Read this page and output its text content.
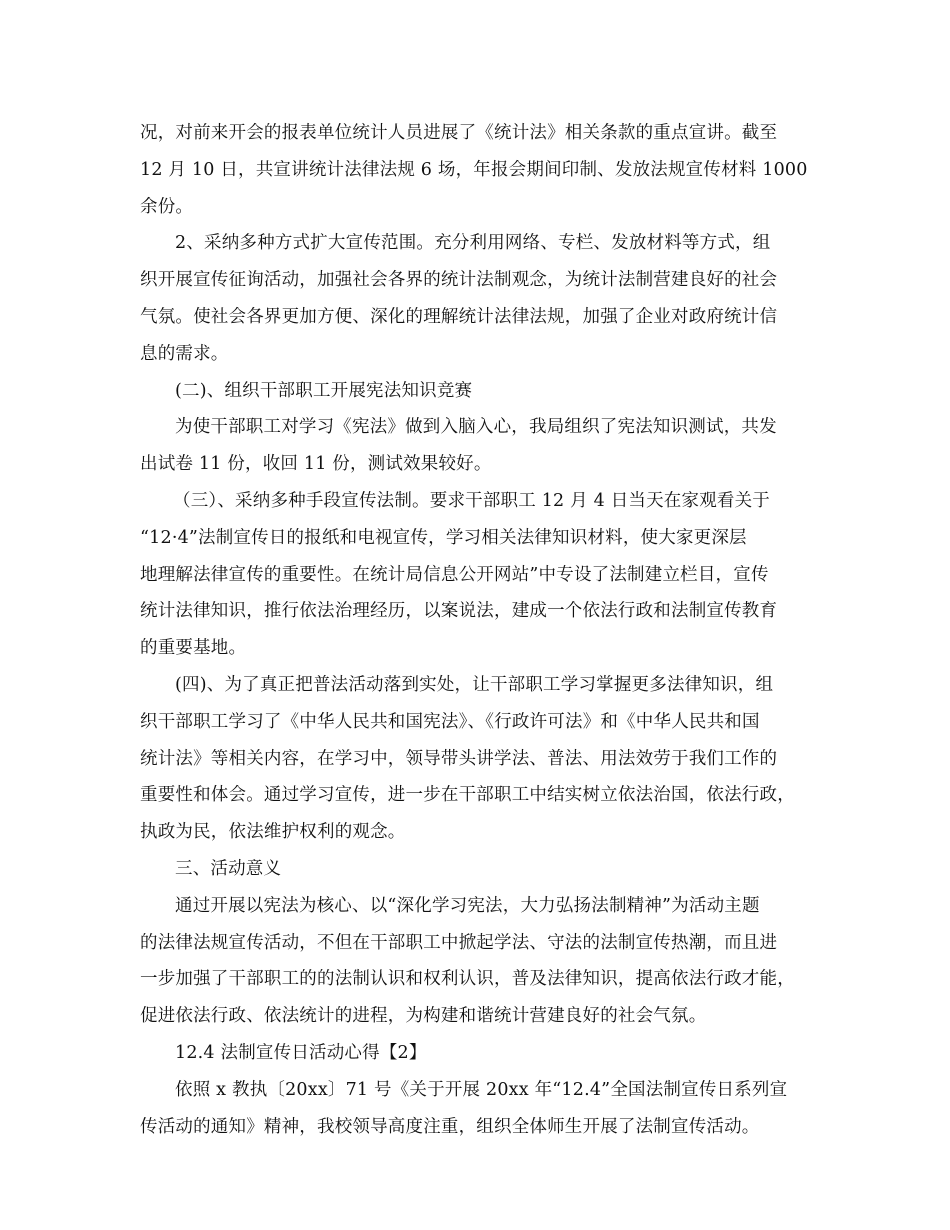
况，对前来开会的报表单位统计人员进展了《统计法》相关条款的重点宣讲。截至
12 月 10 日，共宣讲统计法律法规 6 场，年报会期间印制、发放法规宣传材料 1000
余份。
2、采纳多种方式扩大宣传范围。充分利用网络、专栏、发放材料等方式，组
织开展宣传征询活动，加强社会各界的统计法制观念，为统计法制营建良好的社会
气氛。使社会各界更加方便、深化的理解统计法律法规，加强了企业对政府统计信
息的需求。
(二)、组织干部职工开展宪法知识竞赛
为使干部职工对学习《宪法》做到入脑入心，我局组织了宪法知识测试，共发
出试卷 11 份，收回 11 份，测试效果较好。
（三）、采纳多种手段宣传法制。要求干部职工 12 月 4 日当天在家观看关于
“12·4”法制宣传日的报纸和电视宣传，学习相关法律知识材料，使大家更深层
地理解法律宣传的重要性。在统计局信息公开网站”中专设了法制建立栏目，宣传
统计法律知识，推行依法治理经历，以案说法，建成一个依法行政和法制宣传教育
的重要基地。
(四)、为了真正把普法活动落到实处，让干部职工学习掌握更多法律知识，组
织干部职工学习了《中华人民共和国宪法》、《行政许可法》和《中华人民共和国
统计法》等相关内容，在学习中，领导带头讲学法、普法、用法效劳于我们工作的
重要性和体会。通过学习宣传，进一步在干部职工中结实树立依法治国，依法行政，
执政为民，依法维护权利的观念。
三、活动意义
通过开展以宪法为核心、以“深化学习宪法，大力弘扬法制精神”为活动主题
的法律法规宣传活动，不但在干部职工中掀起学法、守法的法制宣传热潮，而且进
一步加强了干部职工的的法制认识和权利认识，普及法律知识，提高依法行政才能，
促进依法行政、依法统计的进程，为构建和谐统计营建良好的社会气氛。
12.4 法制宣传日活动心得【2】
依照 x 教执〔20xx〕71 号《关于开展 20xx 年“12.4”全国法制宣传日系列宣
传活动的通知》精神，我校领导高度注重，组织全体师生开展了法制宣传活动。
